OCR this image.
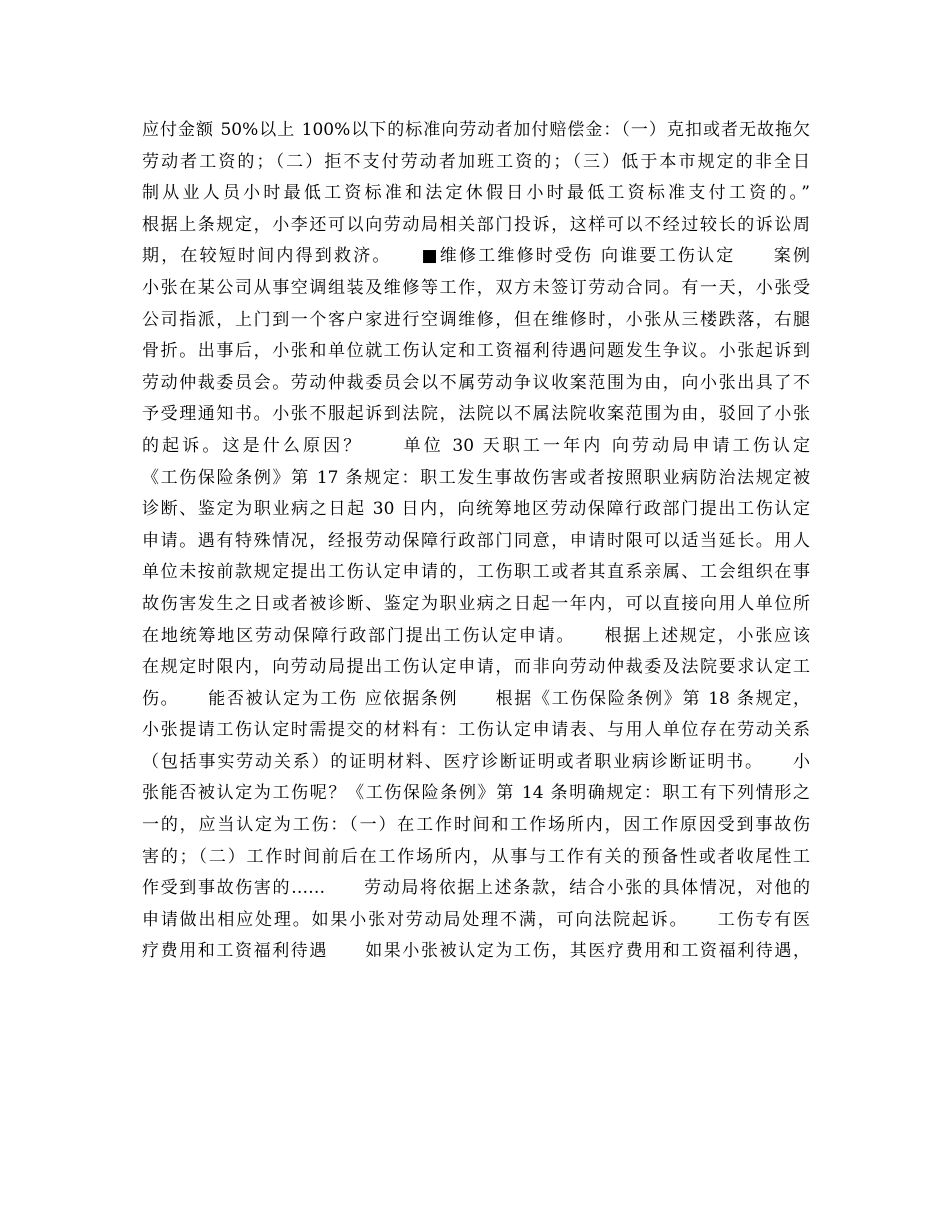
应付金额 50%以上 100%以下的标准向劳动者加付赔偿金：（一）克扣或者无故拖欠
劳动者工资的；（二）拒不支付劳动者加班工资的；（三）低于本市规定的非全日
制从业人员小时最低工资标准和法定休假日小时最低工资标准支付工资的。”
根据上条规定，小李还可以向劳动局相关部门投诉，这样可以不经过较长的诉讼周
期，在较短时间内得到救济。　　■维修工维修时受伤 向谁要工伤认定　　案例
小张在某公司从事空调组装及维修等工作，双方未签订劳动合同。有一天，小张受
公司指派，上门到一个客户家进行空调维修，但在维修时，小张从三楼跌落，右腿
骨折。出事后，小张和单位就工伤认定和工资福利待遇问题发生争议。小张起诉到
劳动仲裁委员会。劳动仲裁委员会以不属劳动争议收案范围为由，向小张出具了不
予受理通知书。小张不服起诉到法院，法院以不属法院收案范围为由，驳回了小张
的起诉。这是什么原因？　　单位 30 天职工一年内 向劳动局申请工伤认定
《工伤保险条例》第 17 条规定：职工发生事故伤害或者按照职业病防治法规定被
诊断、鉴定为职业病之日起 30 日内，向统筹地区劳动保障行政部门提出工伤认定
申请。遇有特殊情况，经报劳动保障行政部门同意，申请时限可以适当延长。用人
单位未按前款规定提出工伤认定申请的，工伤职工或者其直系亲属、工会组织在事
故伤害发生之日或者被诊断、鉴定为职业病之日起一年内，可以直接向用人单位所
在地统筹地区劳动保障行政部门提出工伤认定申请。　　根据上述规定，小张应该
在规定时限内，向劳动局提出工伤认定申请，而非向劳动仲裁委及法院要求认定工
伤。　　能否被认定为工伤 应依据条例　　根据《工伤保险条例》第 18 条规定，
小张提请工伤认定时需提交的材料有：工伤认定申请表、与用人单位存在劳动关系
（包括事实劳动关系）的证明材料、医疗诊断证明或者职业病诊断证明书。　　小
张能否被认定为工伤呢？《工伤保险条例》第 14 条明确规定：职工有下列情形之
一的，应当认定为工伤：（一）在工作时间和工作场所内，因工作原因受到事故伤
害的；（二）工作时间前后在工作场所内，从事与工作有关的预备性或者收尾性工
作受到事故伤害的……　　劳动局将依据上述条款，结合小张的具体情况，对他的
申请做出相应处理。如果小张对劳动局处理不满，可向法院起诉。　　工伤专有医
疗费用和工资福利待遇　　如果小张被认定为工伤，其医疗费用和工资福利待遇，
